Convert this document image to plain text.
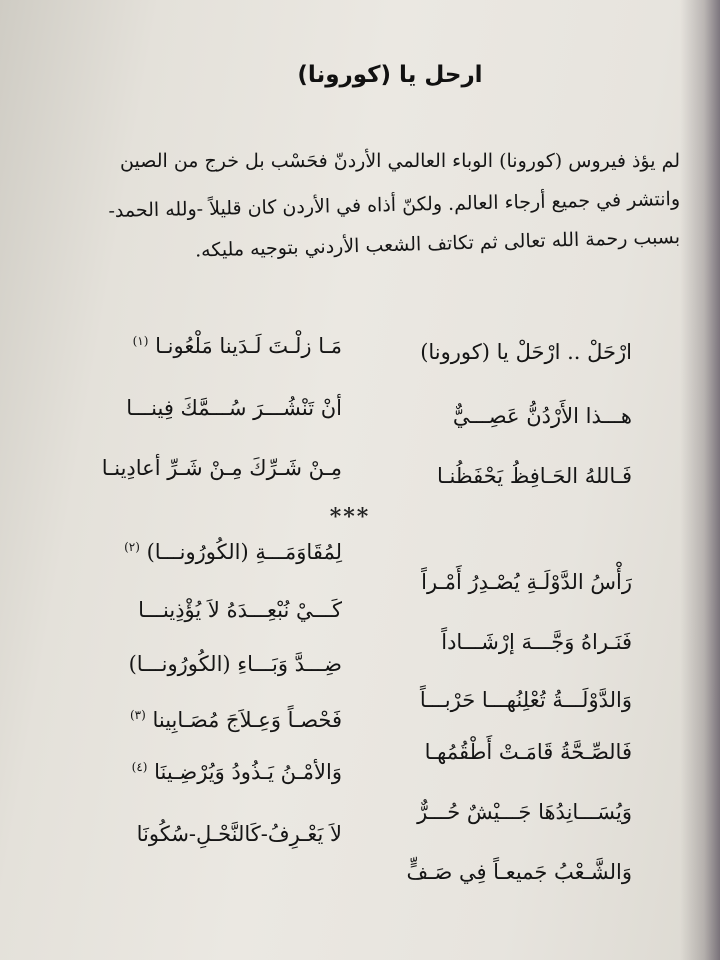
ارحل يا (كورونا)
لم يؤذ فيروس (كورونا) الوباء العالمي الأردنّ فحَسْب بل خرج من الصين
وانتشر في جميع أرجاء العالم. ولكنّ أذاه في الأردن كان قليلاً -ولله الحمد-
بسبب رحمة الله تعالى ثم تكاتف الشعب الأردني بتوجيه مليكه.
ارْحَلْ .. ارْحَلْ يا (كورونا)
مَـا زلْـتَ لَـدَينا مَلْعُونـا $^{(١)}$
هـــذا الأَرْدُنُّ عَصِـــيٌّ
أنْ تَنْشُـــرَ سُـــمَّكَ فِينـــا
فَـاللهُ الحَـافِظُ يَحْفَظُنـا
مِـنْ شَـرِّكَ مِـنْ شَـرِّ أعادِينـا
***
رَأْسُ الدَّوْلَـةِ يُصْـدِرُ أَمْـراً
لِمُقَاوَمَـــةِ (الكُورُونـــا) $^{(٢)}$
فَنَـراهُ وَجَّـــهَ إرْشَـــاداً
كَـــيْ نُبْعِـــدَهُ لاَ يُؤْذِينـــا
وَالدَّوْلَـــةُ تُعْلِنُهـــا حَرْبـــاً
ضِـــدَّ وَبَـــاءِ (الكُورُونـــا)
فَالصِّـحَّةُ قَامَـتْ أَطْقُمُهـا
فَحْصـاً وَعِـلاَجَ مُصَـابِينا $^{(٣)}$
وَيُسَـــانِدُهَا جَـــيْشٌ حُـــرٌّ
وَالأمْـنُ يَـذُودُ وَيُرْضِـينَا $^{(٤)}$
وَالشَّـعْبُ جَميعـاً فِي صَـفٍّ
لاَ يَعْـرِفُ-كَالنَّحْـلِ-سُكُونَا
